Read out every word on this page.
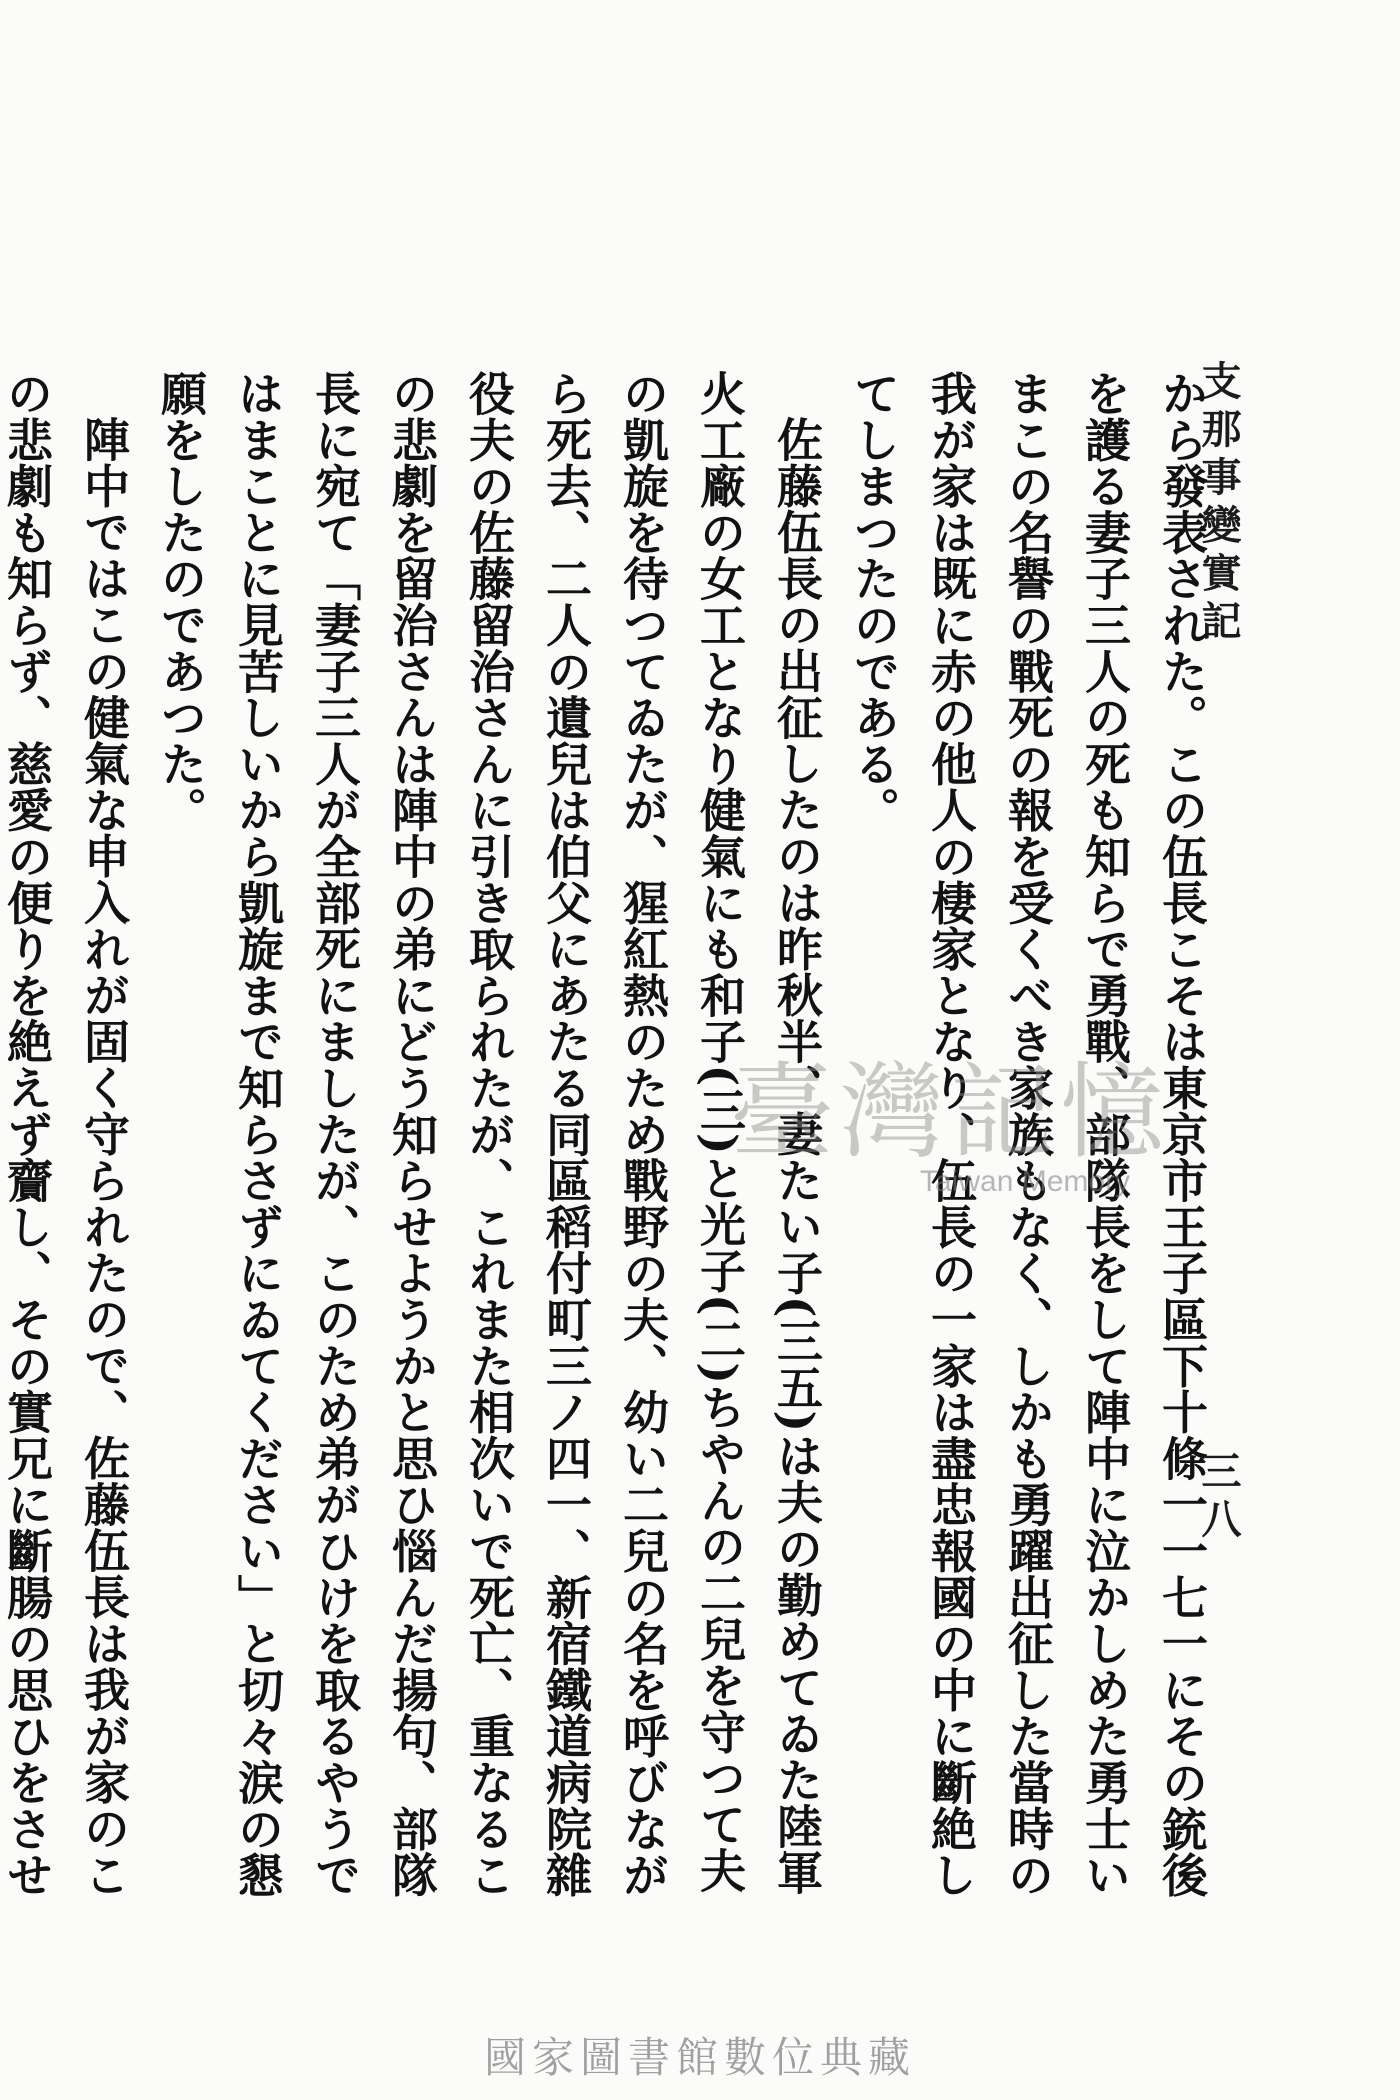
支那事變實記
三八

から發表された。この伍長こそは東京市王子區下十條一一七一にその銃後を護る妻子三人の死も知らで勇戰、部隊長をして陣中に泣かしめた勇士いまこの名譽の戰死の報を受くべき家族もなく、しかも勇躍出征した當時の我が家は既に赤の他人の棲家となり、伍長の一家は盡忠報國の中に斷絶してしまつたのである。

佐藤伍長の出征したのは昨秋半、妻たい子(三五)は夫の勤めてゐた陸軍火工廠の女工となり健氣にも和子(三)と光子(二)ちやんの二兒を守つて夫の凱旋を待つてゐたが、猩紅熱のため戰野の夫、幼い二兒の名を呼びながら死去、二人の遺兒は伯父にあたる同區稻付町三ノ四一、新宿鐵道病院雜役夫の佐藤留治さんに引き取られたが、これまた相次いで死亡、重なるこの悲劇を留治さんは陣中の弟にどう知らせようかと思ひ惱んだ揚句、部隊長に宛て「妻子三人が全部死にましたが、このため弟がひけを取るやうではまことに見苦しいから凱旋まで知らさずにゐてください」と切々涙の懇願をしたのであつた。

陣中ではこの健氣な申入れが固く守られたので、佐藤伍長は我が家のこの悲劇も知らず、慈愛の便りを絶えず齎し、その實兄に斷腸の思ひをさせ

臺灣記憶
Taiwan Memory
國家圖書館數位典藏
